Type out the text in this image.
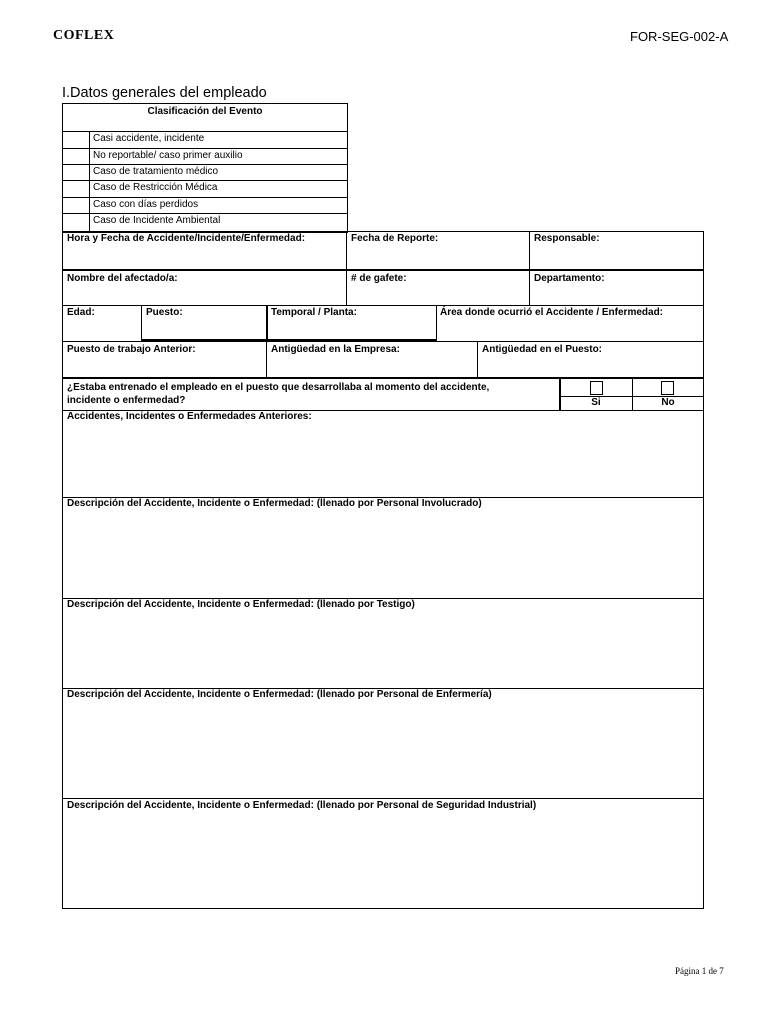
COFLEX	FOR-SEG-002-A
I.Datos generales del empleado
Clasificación del Evento
Casi accidente, incidente
No reportable/ caso primer auxilio
Caso de tratamiento médico
Caso de Restricción Médica
Caso con días perdidos
Caso de Incidente Ambiental
Hora y Fecha de Accidente/Incidente/Enfermedad:	Fecha de Reporte:	Responsable:
Nombre del afectado/a:	# de gafete:	Departamento:
Edad:	Puesto:	Temporal / Planta:	Área donde ocurrió el Accidente / Enfermedad:
Puesto de trabajo Anterior:	Antigüedad en la Empresa:	Antigüedad en el Puesto:
¿Estaba entrenado el empleado en el puesto que desarrollaba al momento del accidente,
incidente o enfermedad?	Si	No
Accidentes, Incidentes o Enfermedades Anteriores:
Descripción del Accidente, Incidente o Enfermedad: (llenado por Personal Involucrado)
Descripción del Accidente, Incidente o Enfermedad: (llenado por Testigo)
Descripción del Accidente, Incidente o Enfermedad: (llenado por Personal de Enfermería)
Descripción del Accidente, Incidente o Enfermedad: (llenado por Personal de Seguridad Industrial)
Página 1 de 7
